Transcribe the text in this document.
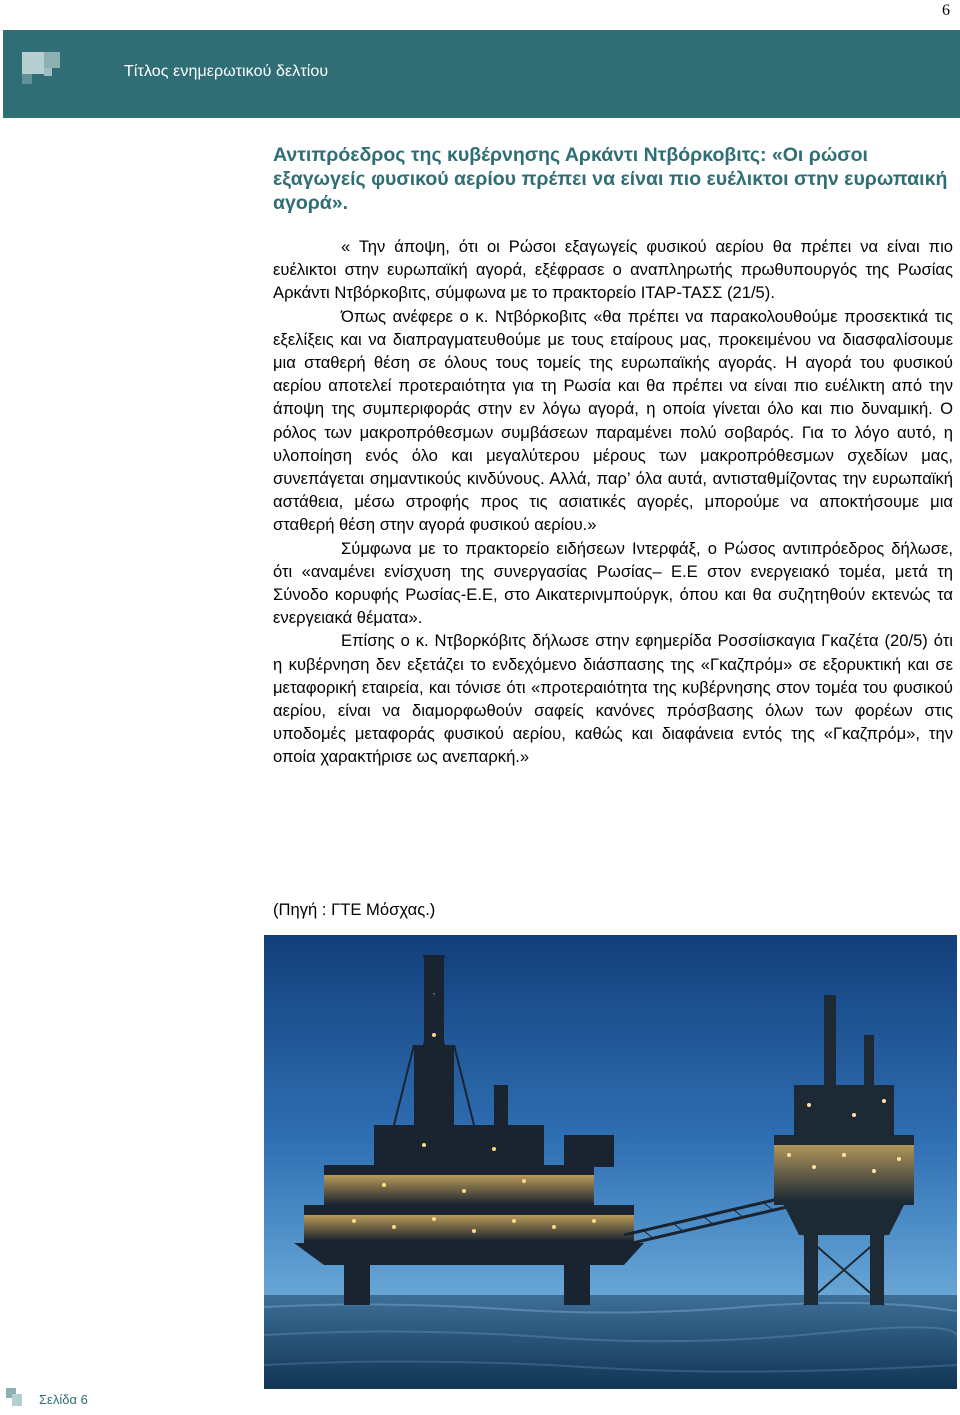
6
Τίτλος ενημερωτικού δελτίου
Αντιπρόεδρος της κυβέρνησης Αρκάντι Ντβόρκοβιτς: «Οι ρώσοι εξαγωγείς φυσικού αερίου πρέπει να είναι πιο ευέλικτοι στην ευρωπαική αγορά».

« Την άποψη, ότι οι Ρώσοι εξαγωγείς φυσικού αερίου θα πρέπει να είναι πιο ευέλικτοι στην ευρωπαϊκή αγορά, εξέφρασε ο αναπληρωτής πρωθυπουργός της Ρωσίας Αρκάντι Ντβόρκοβιτς, σύμφωνα με το πρακτορείο ΙΤΑΡ-ΤΑΣΣ (21/5).

Όπως ανέφερε ο κ. Ντβόρκοβιτς «θα πρέπει να παρακολουθούμε προσεκτικά τις εξελίξεις και να διαπραγματευθούμε με τους εταίρους μας, προκειμένου να διασφαλίσουμε μια σταθερή θέση σε όλους τους τομείς της ευρωπαϊκής αγοράς. Η αγορά του φυσικού αερίου αποτελεί προτεραιότητα για τη Ρωσία και θα πρέπει να είναι πιο ευέλικτη από την άποψη της συμπεριφοράς στην εν λόγω αγορά, η οποία γίνεται όλο και πιο δυναμική. Ο ρόλος των μακροπρόθεσμων συμβάσεων παραμένει πολύ σοβαρός. Για το λόγο αυτό, η υλοποίηση ενός όλο και μεγαλύτερου μέρους των μακροπρόθεσμων σχεδίων μας, συνεπάγεται σημαντικούς κινδύνους. Αλλά, παρ’ όλα αυτά, αντισταθμίζοντας την ευρωπαϊκή αστάθεια, μέσω στροφής προς τις ασιατικές αγορές, μπορούμε να αποκτήσουμε μια σταθερή θέση στην αγορά φυσικού αερίου.»

Σύμφωνα με το πρακτορείο ειδήσεων Ιντερφάξ, ο Ρώσος αντιπρόεδρος δήλωσε, ότι «αναμένει ενίσχυση της συνεργασίας Ρωσίας– Ε.Ε στον ενεργειακό τομέα, μετά τη Σύνοδο κορυφής Ρωσίας-Ε.Ε, στο Αικατερινμπούργκ, όπου και θα συζητηθούν εκτενώς τα ενεργειακά θέματα».

Επίσης ο κ. Ντβορκόβιτς δήλωσε στην εφημερίδα Ροσσίισκαγια Γκαζέτα (20/5) ότι η κυβέρνηση δεν εξετάζει το ενδεχόμενο διάσπασης της «Γκαζπρόμ» σε εξορυκτική και σε μεταφορική εταιρεία, και τόνισε ότι «προτεραιότητα της κυβέρνησης στον τομέα του φυσικού αερίου, είναι να διαμορφωθούν σαφείς κανόνες πρόσβασης όλων των φορέων στις υποδομές μεταφοράς φυσικού αερίου, καθώς και διαφάνεια εντός της «Γκαζπρόμ», την οποία χαρακτήρισε ως ανεπαρκή.»

(Πηγή : ΓΤΕ Μόσχας.)
Σελίδα 6
